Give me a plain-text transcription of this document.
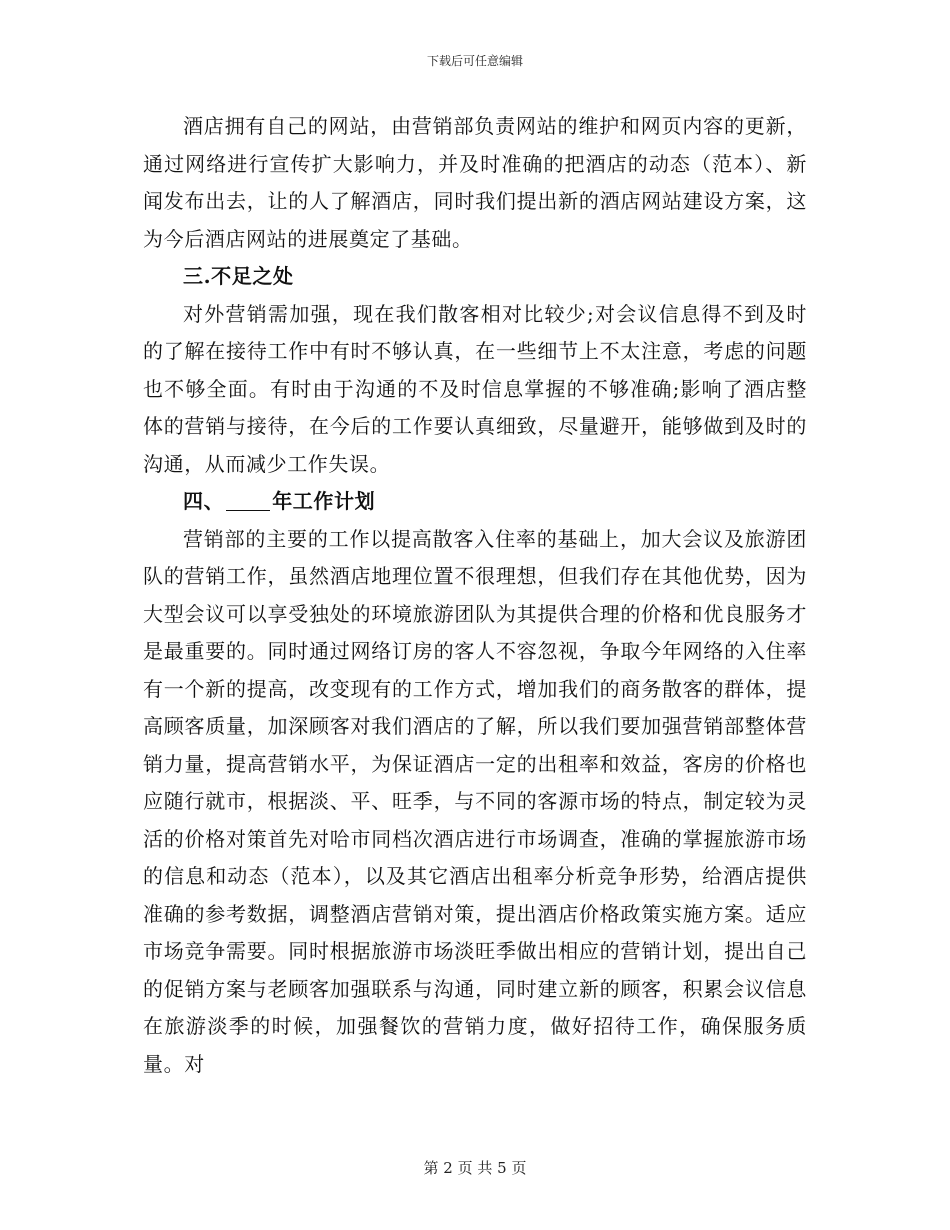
下载后可任意编辑

酒店拥有自己的网站，由营销部负责网站的维护和网页内容的更新，通过网络进行宣传扩大影响力，并及时准确的把酒店的动态（范本）、新闻发布出去，让的人了解酒店，同时我们提出新的酒店网站建设方案，这为今后酒店网站的进展奠定了基础。

三.不足之处

对外营销需加强，现在我们散客相对比较少;对会议信息得不到及时的了解在接待工作中有时不够认真，在一些细节上不太注意，考虑的问题也不够全面。有时由于沟通的不及时信息掌握的不够准确;影响了酒店整体的营销与接待，在今后的工作要认真细致，尽量避开，能够做到及时的沟通，从而减少工作失误。

四、 年工作计划

营销部的主要的工作以提高散客入住率的基础上，加大会议及旅游团队的营销工作，虽然酒店地理位置不很理想，但我们存在其他优势，因为大型会议可以享受独处的环境旅游团队为其提供合理的价格和优良服务才是最重要的。同时通过网络订房的客人不容忽视，争取今年网络的入住率有一个新的提高，改变现有的工作方式，增加我们的商务散客的群体，提高顾客质量，加深顾客对我们酒店的了解，所以我们要加强营销部整体营销力量，提高营销水平，为保证酒店一定的出租率和效益，客房的价格也应随行就市，根据淡、平、旺季，与不同的客源市场的特点，制定较为灵活的价格对策首先对哈市同档次酒店进行市场调查，准确的掌握旅游市场的信息和动态（范本），以及其它酒店出租率分析竞争形势，给酒店提供准确的参考数据，调整酒店营销对策，提出酒店价格政策实施方案。适应市场竞争需要。同时根据旅游市场淡旺季做出相应的营销计划，提出自己的促销方案与老顾客加强联系与沟通，同时建立新的顾客，积累会议信息在旅游淡季的时候，加强餐饮的营销力度，做好招待工作，确保服务质量。对

第 2 页 共 5 页
